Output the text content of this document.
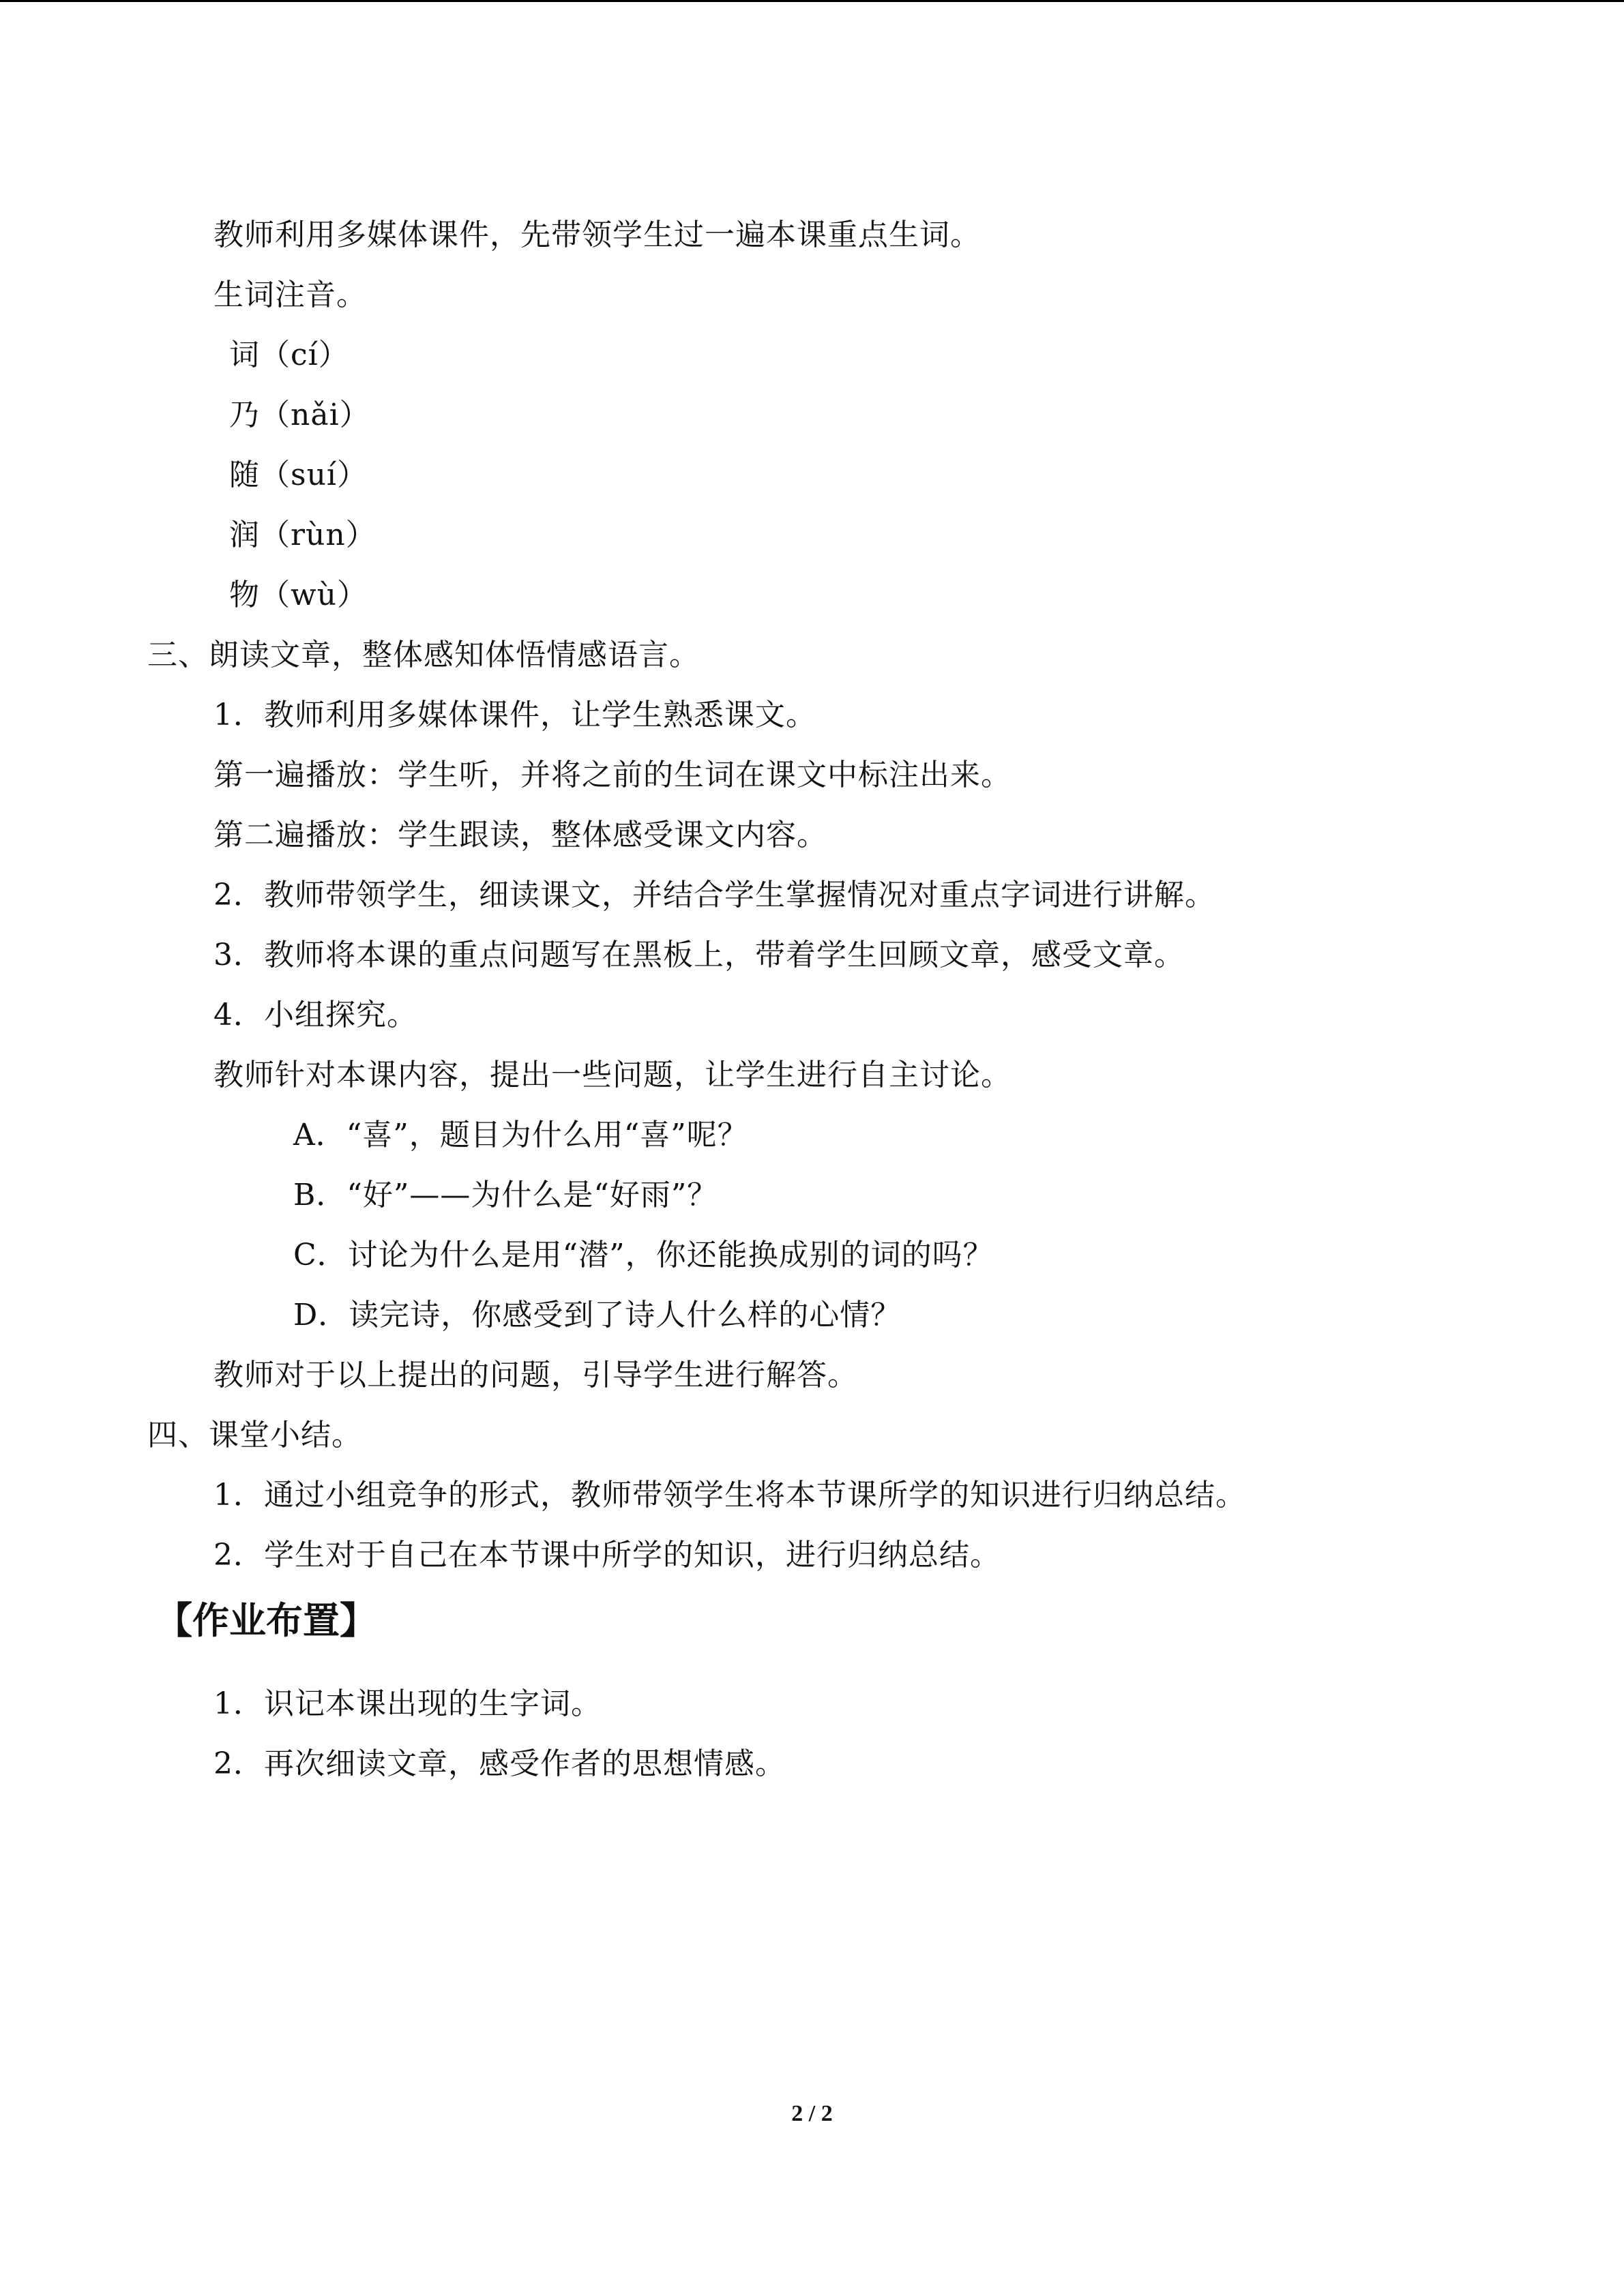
教师利用多媒体课件，先带领学生过一遍本课重点生词。
生词注音。
词（cí）
乃（nǎi）
随（suí）
润（rùn）
物（wù）
三、朗读文章，整体感知体悟情感语言。
1．教师利用多媒体课件，让学生熟悉课文。
第一遍播放：学生听，并将之前的生词在课文中标注出来。
第二遍播放：学生跟读，整体感受课文内容。
2．教师带领学生，细读课文，并结合学生掌握情况对重点字词进行讲解。
3．教师将本课的重点问题写在黑板上，带着学生回顾文章，感受文章。
4．小组探究。
教师针对本课内容，提出一些问题，让学生进行自主讨论。
A．“喜”，题目为什么用“喜”呢？
B．“好”——为什么是“好雨”？
C．讨论为什么是用“潜”，你还能换成别的词的吗？
D．读完诗，你感受到了诗人什么样的心情？
教师对于以上提出的问题，引导学生进行解答。
四、课堂小结。
1．通过小组竞争的形式，教师带领学生将本节课所学的知识进行归纳总结。
2．学生对于自己在本节课中所学的知识，进行归纳总结。
【作业布置】
1．识记本课出现的生字词。
2．再次细读文章，感受作者的思想情感。
2 / 2
